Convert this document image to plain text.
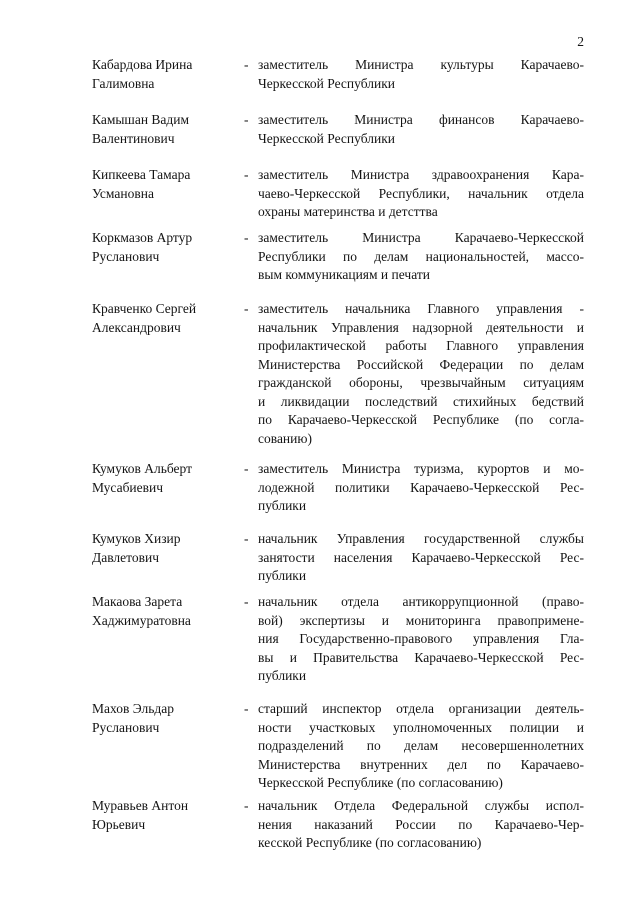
2
Кабардова Ирина
Галимовна
- заместитель Министра культуры Карачаево-
Черкесской Республики
Камышан Вадим
Валентинович
- заместитель Министра финансов Карачаево-
Черкесской Республики
Кипкеева Тамара
Усмановна
- заместитель Министра здравоохранения Кара-
чаево-Черкесской Республики, начальник отдела
охраны материнства и детсттва
Коркмазов Артур
Русланович
- заместитель Министра Карачаево-Черкесской
Республики по делам национальностей, массо-
вым коммуникациям и печати
Кравченко Сергей
Александрович
- заместитель начальника Главного управления -
начальник Управления надзорной деятельности и
профилактической работы Главного управления
Министерства Российской Федерации по делам
гражданской обороны, чрезвычайным ситуациям
и ликвидации последствий стихийных бедствий
по Карачаево-Черкесской Республике (по согла-
сованию)
Кумуков Альберт
Мусабиевич
- заместитель Министра туризма, курортов и мо-
лодежной политики Карачаево-Черкесской Рес-
публики
Кумуков Хизир
Давлетович
- начальник Управления государственной службы
занятости населения Карачаево-Черкесской Рес-
публики
Макаова Зарета
Хаджимуратовна
- начальник отдела антикоррупционной (право-
вой) экспертизы и мониторинга правопримене-
ния Государственно-правового управления Гла-
вы и Правительства Карачаево-Черкесской Рес-
публики
Махов Эльдар
Русланович
- старший инспектор отдела организации деятель-
ности участковых уполномоченных полиции и
подразделений по делам несовершеннолетних
Министерства внутренних дел по Карачаево-
Черкесской Республике (по согласованию)
Муравьев Антон
Юрьевич
- начальник Отдела Федеральной службы испол-
нения наказаний России по Карачаево-Чер-
кесской Республике (по согласованию)
